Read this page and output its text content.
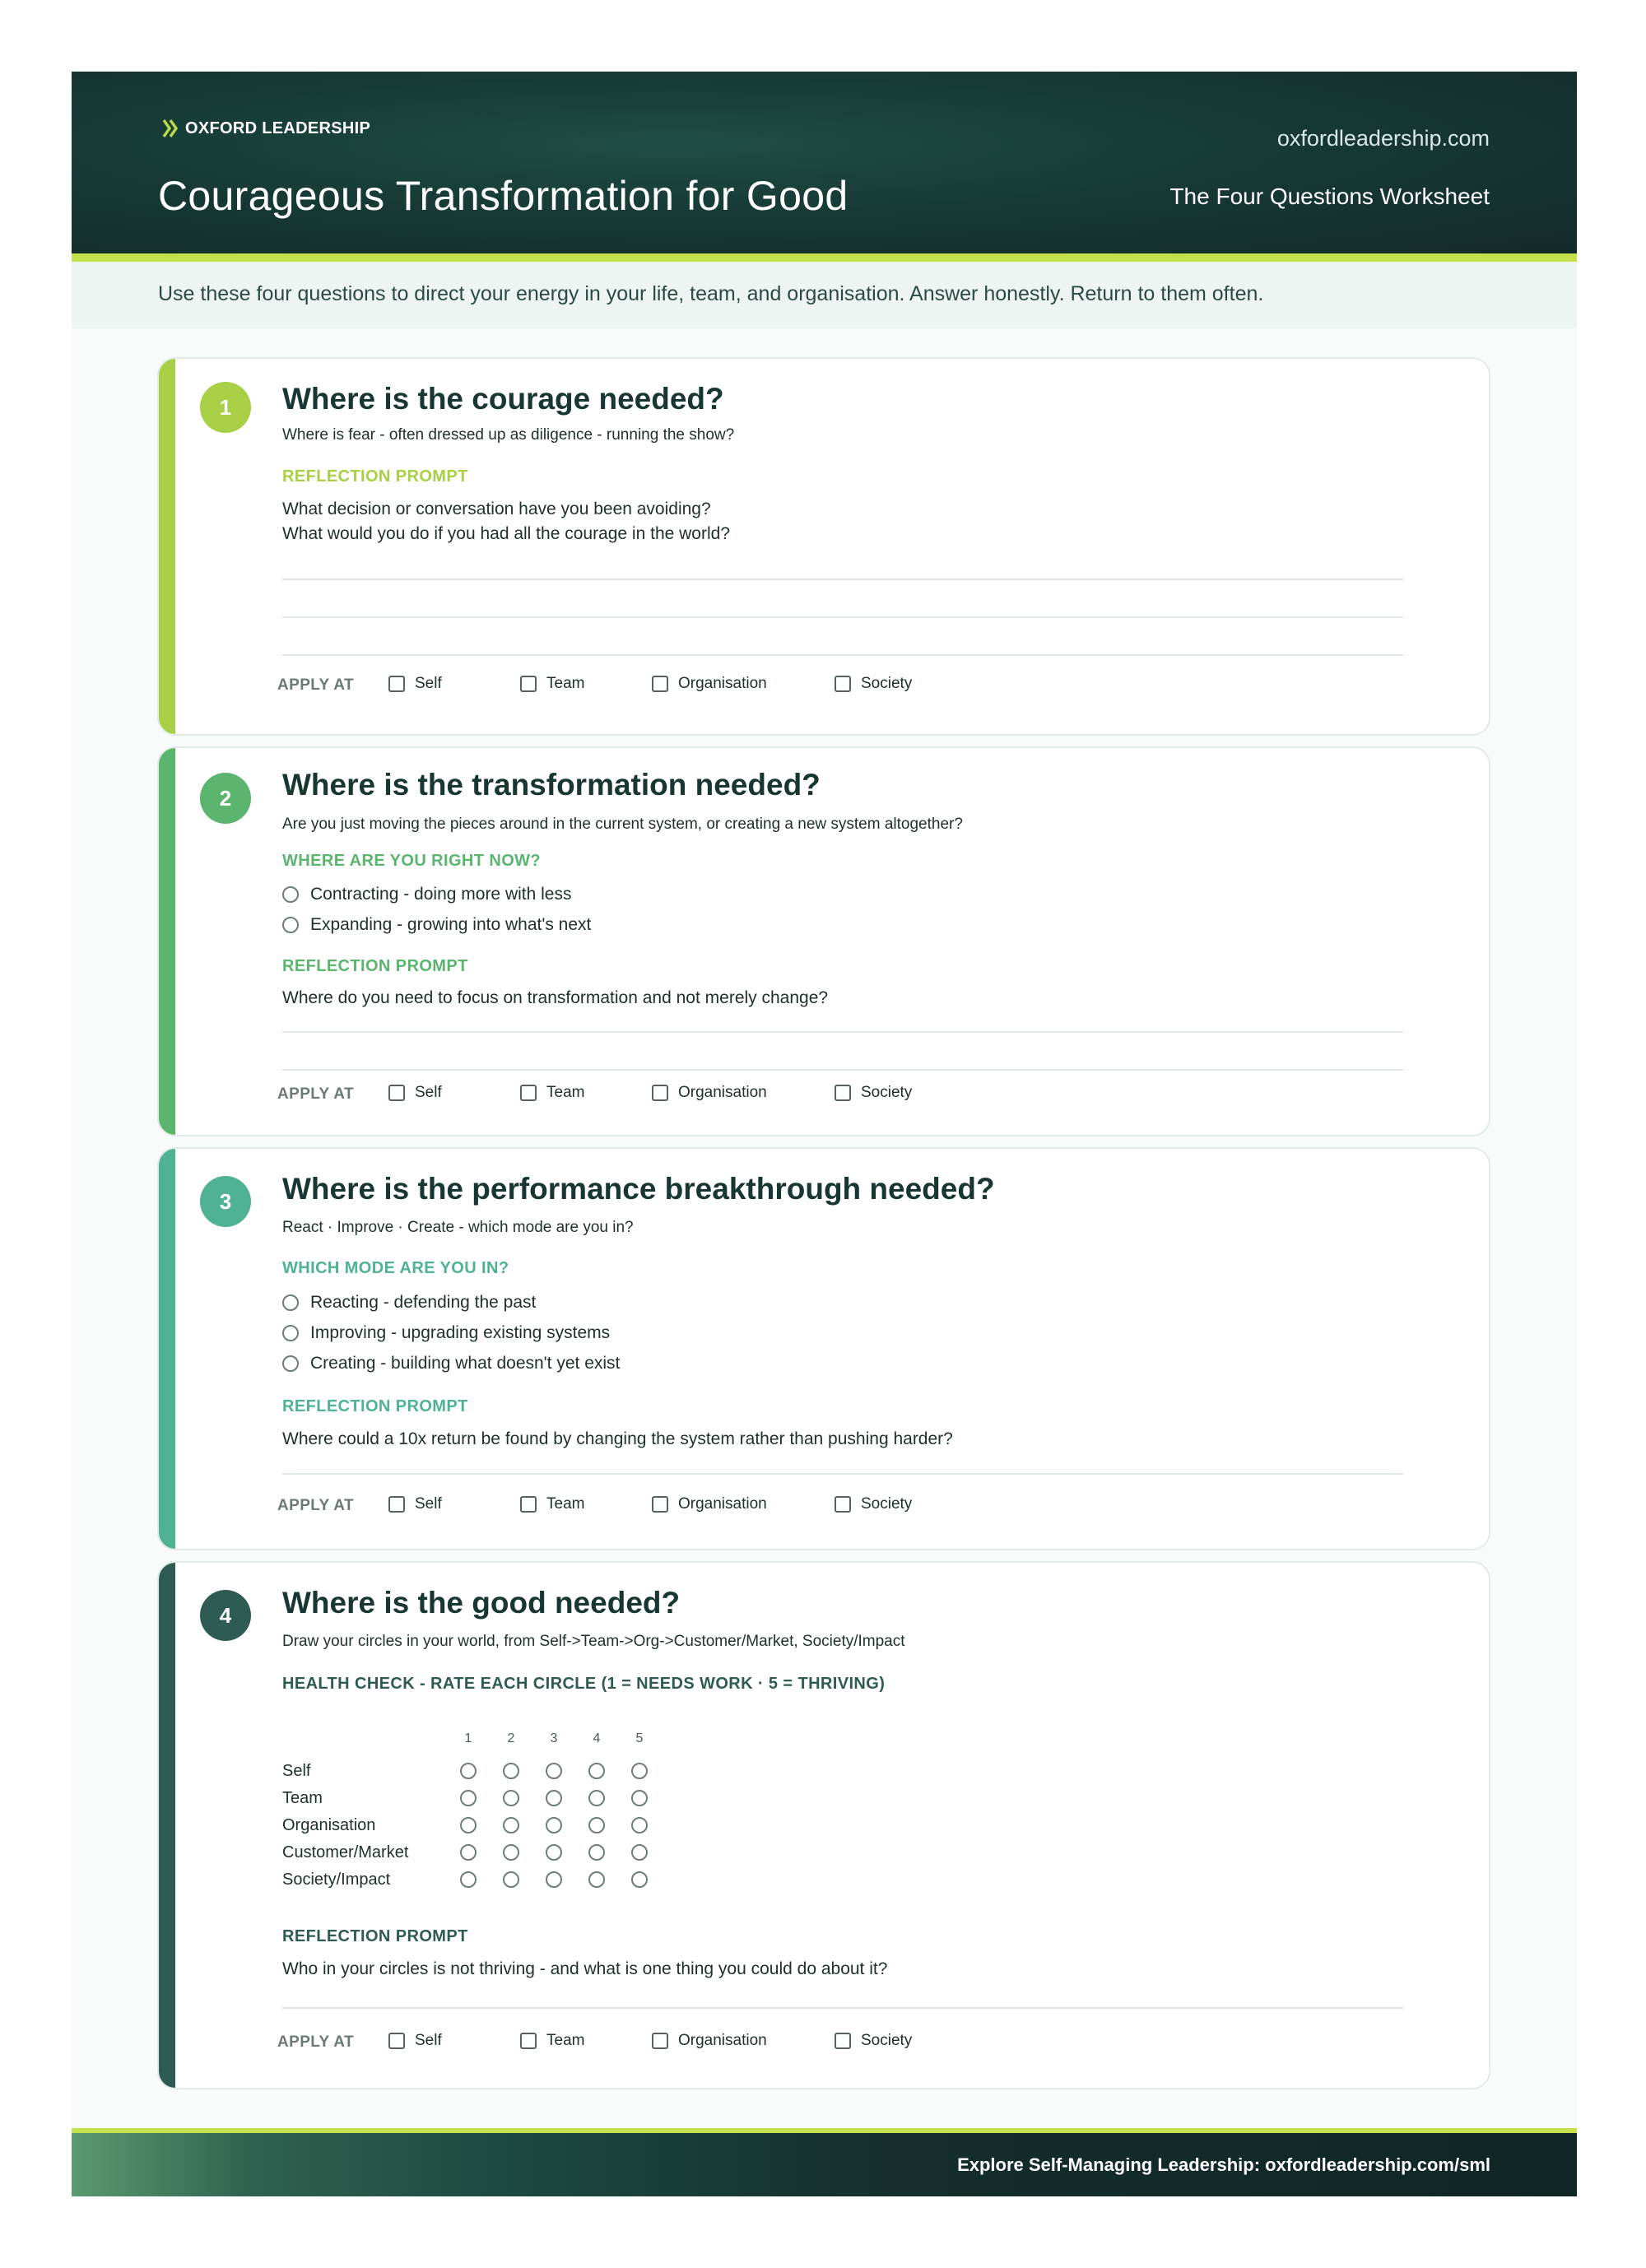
OXFORD LEADERSHIP	oxfordleadership.com
Courageous Transformation for Good	The Four Questions Worksheet
Use these four questions to direct your energy in your life, team, and organisation. Answer honestly. Return to them often.
1	Where is the courage needed?
Where is fear - often dressed up as diligence - running the show?
REFLECTION PROMPT
What decision or conversation have you been avoiding?
What would you do if you had all the courage in the world?
APPLY AT	Self	Team	Organisation	Society
2	Where is the transformation needed?
Are you just moving the pieces around in the current system, or creating a new system altogether?
WHERE ARE YOU RIGHT NOW?
Contracting - doing more with less
Expanding - growing into what's next
REFLECTION PROMPT
Where do you need to focus on transformation and not merely change?
APPLY AT	Self	Team	Organisation	Society
3	Where is the performance breakthrough needed?
React · Improve · Create - which mode are you in?
WHICH MODE ARE YOU IN?
Reacting - defending the past
Improving - upgrading existing systems
Creating - building what doesn't yet exist
REFLECTION PROMPT
Where could a 10x return be found by changing the system rather than pushing harder?
APPLY AT	Self	Team	Organisation	Society
4	Where is the good needed?
Draw your circles in your world, from Self->Team->Org->Customer/Market, Society/Impact
HEALTH CHECK - RATE EACH CIRCLE (1 = NEEDS WORK · 5 = THRIVING)
1	2	3	4	5
Self
Team
Organisation
Customer/Market
Society/Impact
REFLECTION PROMPT
Who in your circles is not thriving - and what is one thing you could do about it?
APPLY AT	Self	Team	Organisation	Society
Explore Self-Managing Leadership: oxfordleadership.com/sml
